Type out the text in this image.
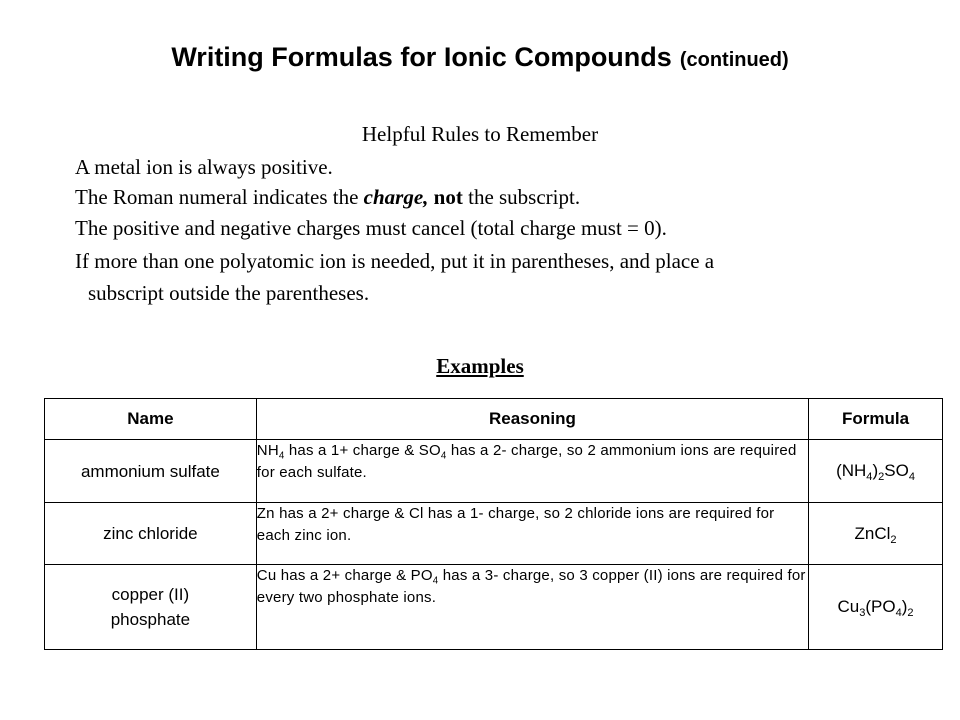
Writing Formulas for Ionic Compounds (continued)
Helpful Rules to Remember
A metal ion is always positive.
The Roman numeral indicates the charge, not the subscript.
The positive and negative charges must cancel (total charge must = 0).
If more than one polyatomic ion is needed, put it in parentheses, and place a
subscript outside the parentheses.
Examples
Name	Reasoning	Formula
ammonium sulfate	$NH_4$ has a 1+ charge & $SO_4$ has a 2- charge, so 2 ammonium ions are required for each sulfate.	$(NH_4)_2SO_4$
zinc chloride	Zn has a 2+ charge & Cl has a 1- charge, so 2 chloride ions are required for each zinc ion.	ZnCl$_2$
copper (II)
phosphate	Cu has a 2+ charge & $PO_4$ has a 3- charge, so 3 copper (II) ions are required for every two phosphate ions.	$Cu_3(PO_4)_2$
